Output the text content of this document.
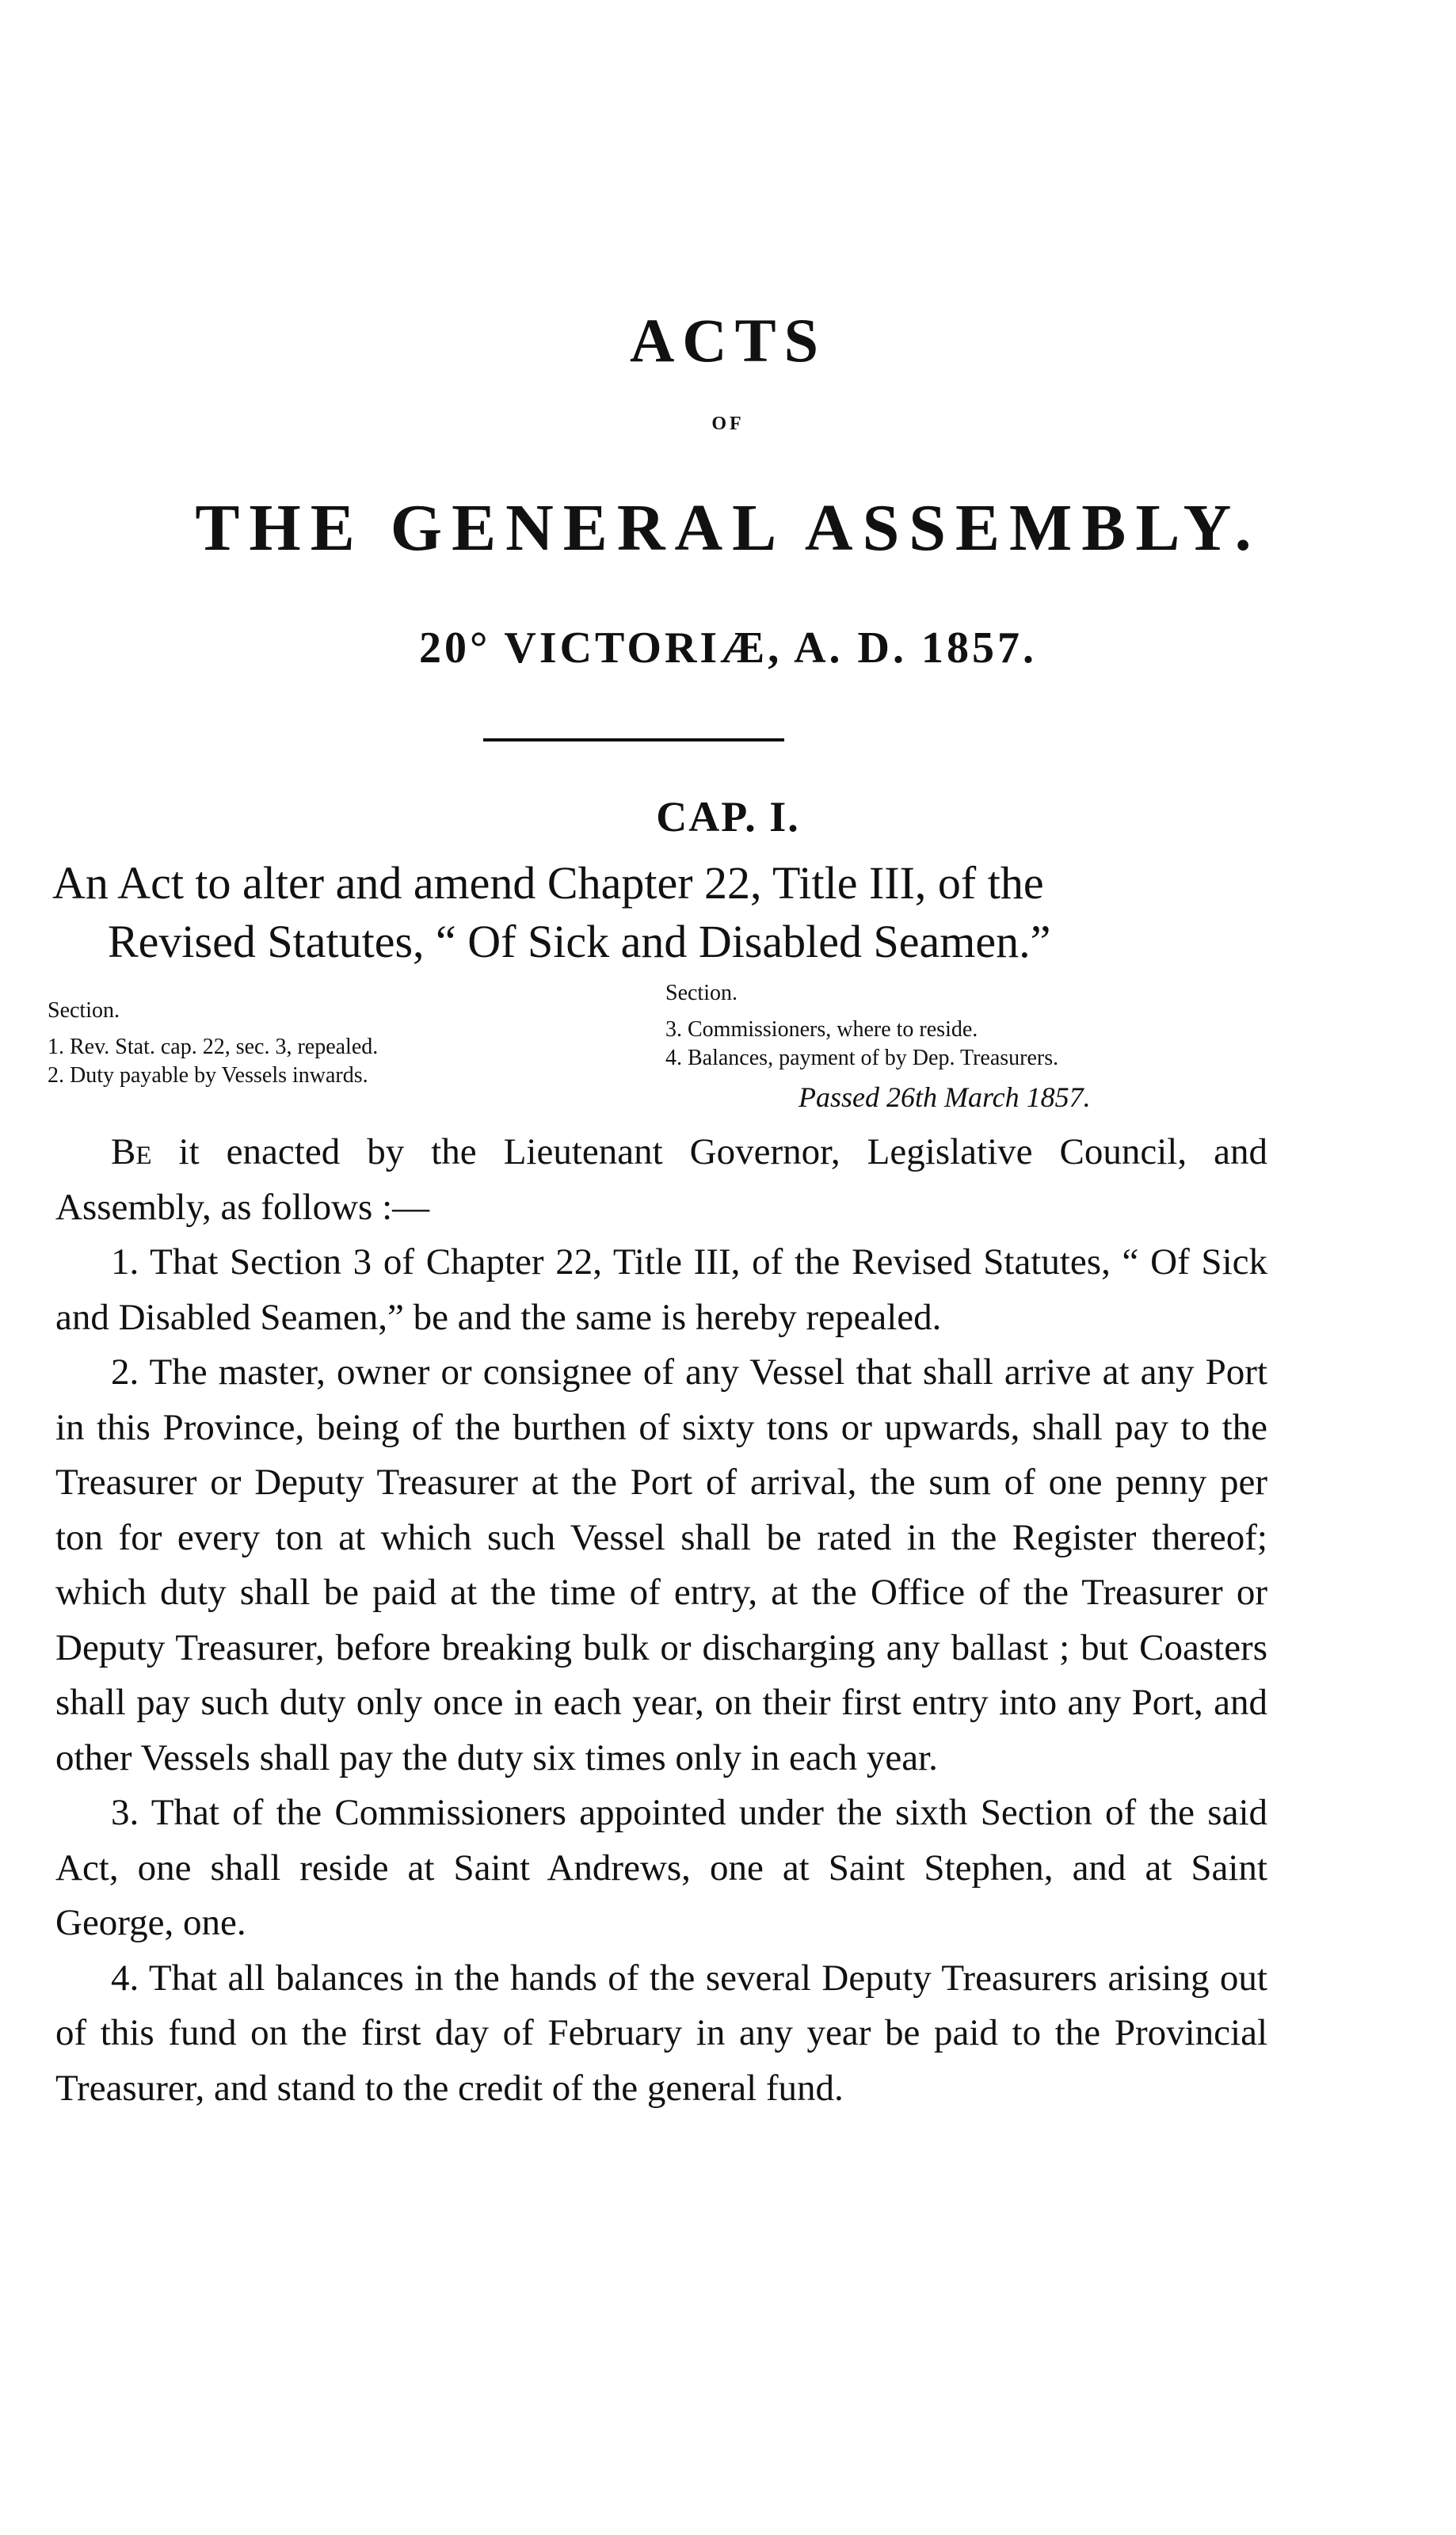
ACTS
OF
THE GENERAL ASSEMBLY.
20° VICTORIÆ, A. D. 1857.
CAP. I.
An Act to alter and amend Chapter 22, Title III, of the
Revised Statutes, “ Of Sick and Disabled Seamen.”
Section.
1. Rev. Stat. cap. 22, sec. 3, repealed.
2. Duty payable by Vessels inwards.
Section.
3. Commissioners, where to reside.
4. Balances, payment of by Dep. Treasurers.
Passed 26th March 1857.

Be it enacted by the Lieutenant Governor, Legislative Council, and Assembly, as follows :—

1. That Section 3 of Chapter 22, Title III, of the Revised Statutes, “ Of Sick and Disabled Seamen,” be and the same is hereby repealed.

2. The master, owner or consignee of any Vessel that shall arrive at any Port in this Province, being of the burthen of sixty tons or upwards, shall pay to the Treasurer or Deputy Treasurer at the Port of arrival, the sum of one penny per ton for every ton at which such Vessel shall be rated in the Register thereof; which duty shall be paid at the time of entry, at the Office of the Treasurer or Deputy Treasurer, before breaking bulk or discharging any ballast ; but Coasters shall pay such duty only once in each year, on their first entry into any Port, and other Vessels shall pay the duty six times only in each year.

3. That of the Commissioners appointed under the sixth Section of the said Act, one shall reside at Saint Andrews, one at Saint Stephen, and at Saint George, one.

4. That all balances in the hands of the several Deputy Treasurers arising out of this fund on the first day of February in any year be paid to the Provincial Treasurer, and stand to the credit of the general fund.
